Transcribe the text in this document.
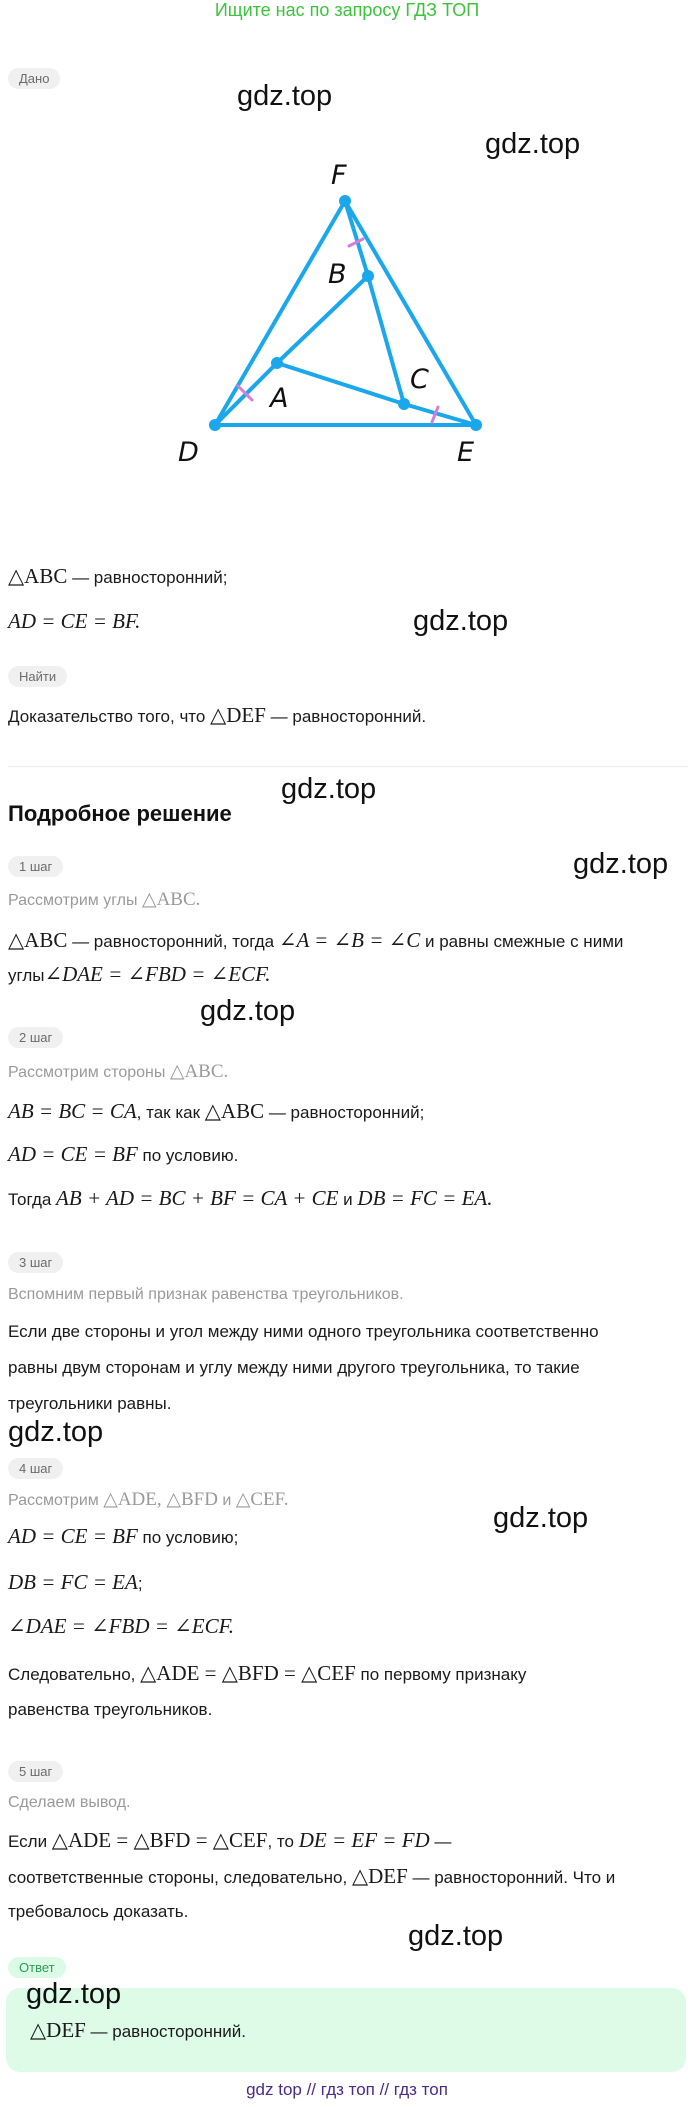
Ищите нас по запросу ГДЗ ТОП
Дано
gdz.top
gdz.top
F
B
A
C
D	E
△ABC — равносторонний;
AD = CE = BF.	gdz.top
Найти
Доказательство того, что △DEF — равносторонний.
gdz.top
Подробное решение
gdz.top
1 шаг
Рассмотрим углы △ABC.
△ABC — равносторонний, тогда ∠A = ∠B = ∠C и равны смежные с ними
углы∠DAE = ∠FBD = ∠ECF.
gdz.top
2 шаг
Рассмотрим стороны △ABC.
AB = BC = CA, так как △ABC — равносторонний;
AD = CE = BF по условию.
Тогда AB + AD = BC + BF = CA + CE и DB = FC = EA.
3 шаг
Вспомним первый признак равенства треугольников.
Если две стороны и угол между ними одного треугольника соответственно
равны двум сторонам и углу между ними другого треугольника, то такие
треугольники равны.
gdz.top
4 шаг
Рассмотрим △ADE, △BFD и △CEF.
gdz.top
AD = CE = BF по условию;
DB = FC = EA;
∠DAE = ∠FBD = ∠ECF.
Следовательно, △ADE = △BFD = △CEF по первому признаку
равенства треугольников.
5 шаг
Сделаем вывод.
Если △ADE = △BFD = △CEF, то DE = EF = FD —
соответственные стороны, следовательно, △DEF — равносторонний. Что и
требовалось доказать.
gdz.top
Ответ
gdz.top
△DEF — равносторонний.
gdz top // гдз топ // гдз топ
